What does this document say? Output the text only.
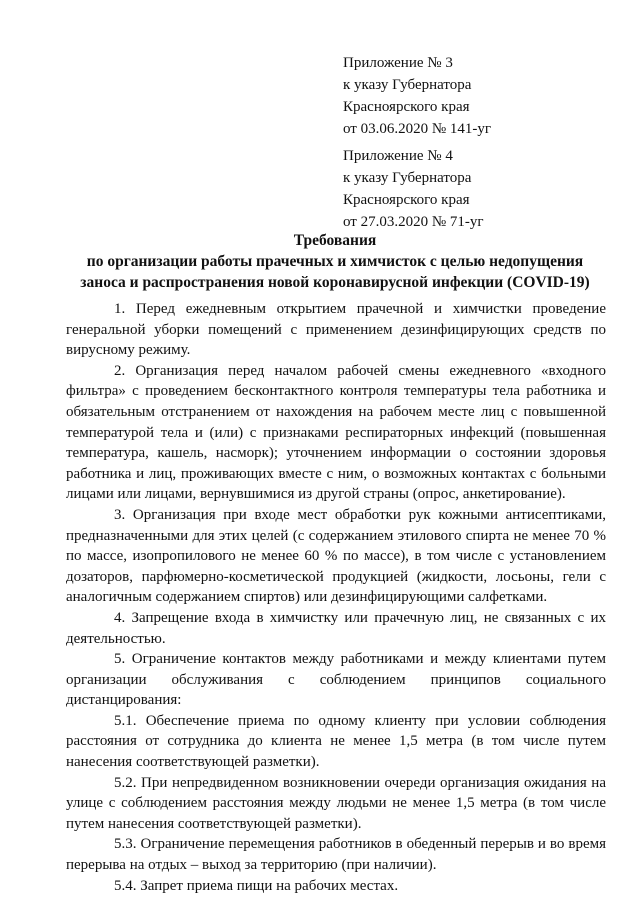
Приложение № 3
к указу Губернатора
Красноярского края
от 03.06.2020 № 141-уг
Приложение № 4
к указу Губернатора
Красноярского края
от 27.03.2020 № 71-уг
Требования
по организации работы прачечных и химчисток с целью недопущения
заноса и распространения новой коронавирусной инфекции (COVID-19)

1. Перед ежедневным открытием прачечной и химчистки проведение генеральной уборки помещений с применением дезинфицирующих средств по вирусному режиму.

2. Организация перед началом рабочей смены ежедневного «входного фильтра» с проведением бесконтактного контроля температуры тела работника и обязательным отстранением от нахождения на рабочем месте лиц с повышенной температурой тела и (или) с признаками респираторных инфекций (повышенная температура, кашель, насморк); уточнением информации о состоянии здоровья работника и лиц, проживающих вместе с ним, о возможных контактах с больными лицами или лицами, вернувшимися из другой страны (опрос, анкетирование).

3. Организация при входе мест обработки рук кожными антисептиками, предназначенными для этих целей (с содержанием этилового спирта не менее 70 % по массе, изопропилового не менее 60 % по массе), в том числе с установлением дозаторов, парфюмерно-косметической продукцией (жидкости, лосьоны, гели с аналогичным содержанием спиртов) или дезинфицирующими салфетками.

4. Запрещение входа в химчистку или прачечную лиц, не связанных с их деятельностью.

5. Ограничение контактов между работниками и между клиентами путем организации обслуживания с соблюдением принципов социального дистанцирования:

5.1. Обеспечение приема по одному клиенту при условии соблюдения расстояния от сотрудника до клиента не менее 1,5 метра (в том числе путем нанесения соответствующей разметки).

5.2. При непредвиденном возникновении очереди организация ожидания на улице с соблюдением расстояния между людьми не менее 1,5 метра (в том числе путем нанесения соответствующей разметки).

5.3. Ограничение перемещения работников в обеденный перерыв и во время перерыва на отдых – выход за территорию (при наличии).

5.4. Запрет приема пищи на рабочих местах.
